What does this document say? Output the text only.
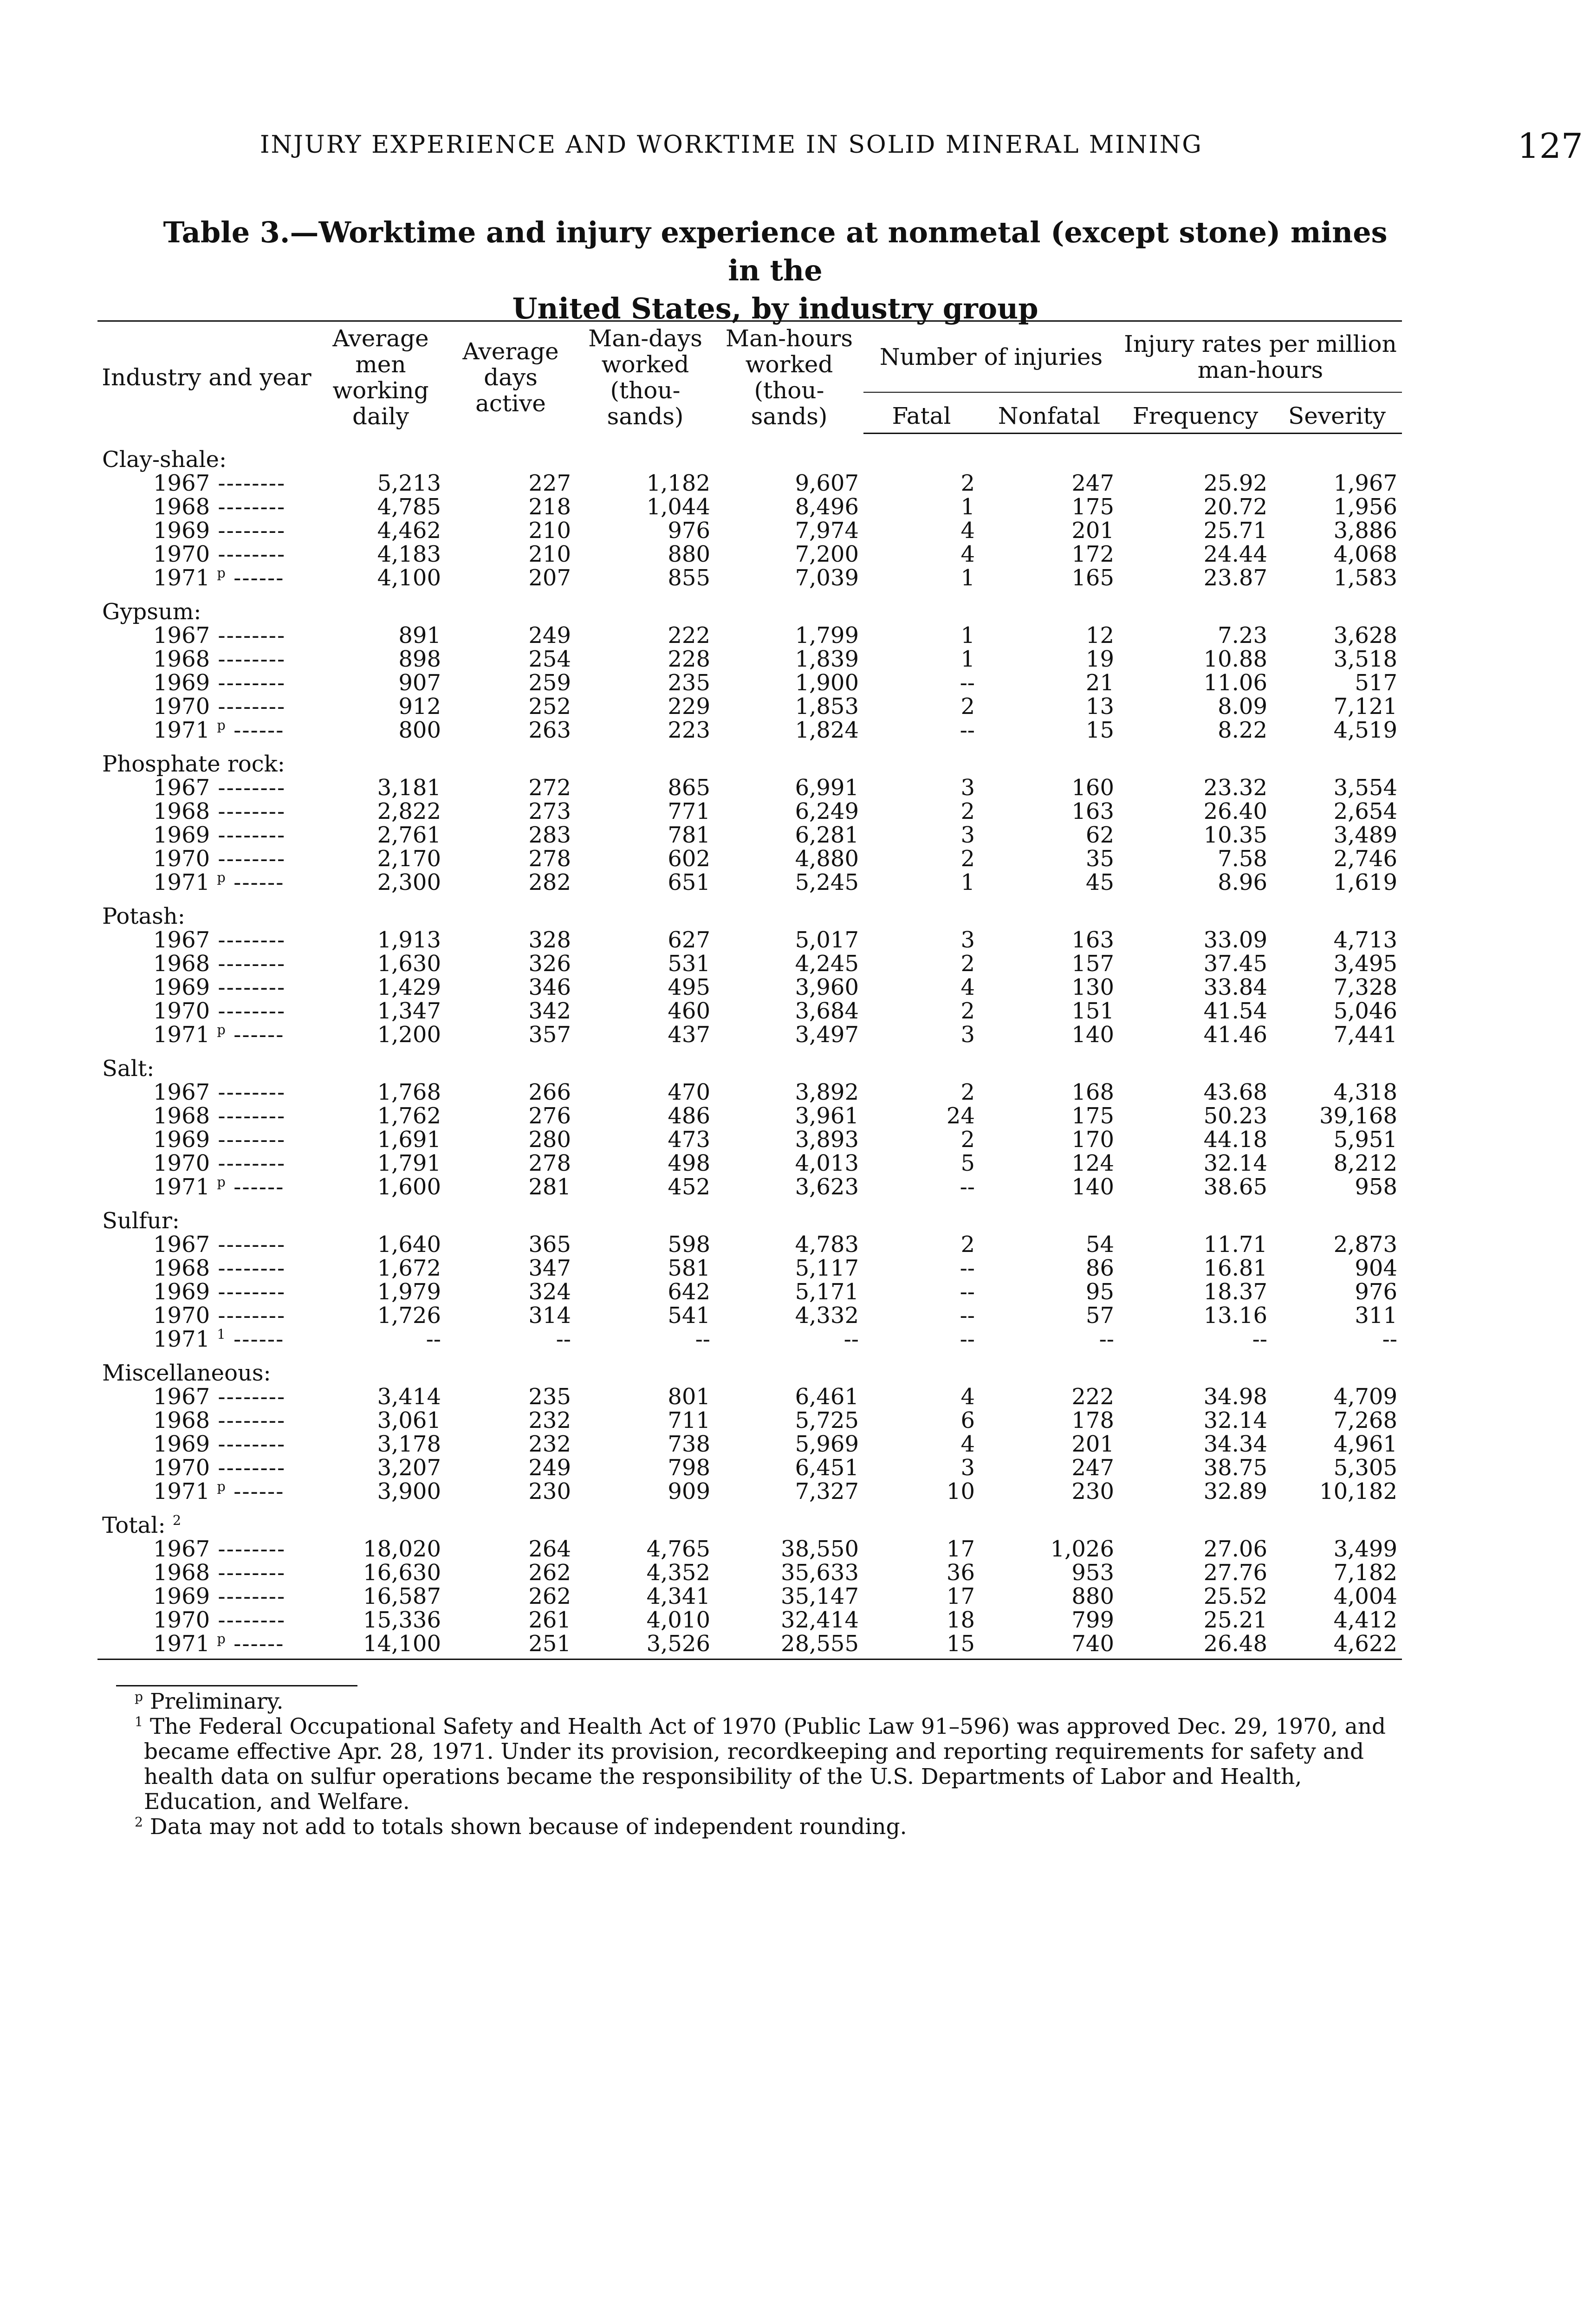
INJURY EXPERIENCE AND WORKTIME IN SOLID MINERAL MINING	127
Table 3.—Worktime and injury experience at nonmetal (except stone) mines in the
United States, by industry group
Industry and year	Average men working daily	Average days active	Man-days worked (thou- sands)	Man-hours worked (thou- sands)	Number of injuries		Injury rates per million man-hours	
					Fatal	Nonfatal	Frequency	Severity
Clay-shale:								
1967 --------	5,213	227	1,182	9,607	2	247	25.92	1,967
1968 --------	4,785	218	1,044	8,496	1	175	20.72	1,956
1969 --------	4,462	210	976	7,974	4	201	25.71	3,886
1970 --------	4,183	210	880	7,200	4	172	24.44	4,068
1971 $^p$ ------	4,100	207	855	7,039	1	165	23.87	1,583
Gypsum:								
1967 --------	891	249	222	1,799	1	12	7.23	3,628
1968 --------	898	254	228	1,839	1	19	10.88	3,518
1969 --------	907	259	235	1,900	--	21	11.06	517
1970 --------	912	252	229	1,853	2	13	8.09	7,121
1971 $^p$ ------	800	263	223	1,824	--	15	8.22	4,519
Phosphate rock:								
1967 --------	3,181	272	865	6,991	3	160	23.32	3,554
1968 --------	2,822	273	771	6,249	2	163	26.40	2,654
1969 --------	2,761	283	781	6,281	3	62	10.35	3,489
1970 --------	2,170	278	602	4,880	2	35	7.58	2,746
1971 $^p$ ------	2,300	282	651	5,245	1	45	8.96	1,619
Potash:								
1967 --------	1,913	328	627	5,017	3	163	33.09	4,713
1968 --------	1,630	326	531	4,245	2	157	37.45	3,495
1969 --------	1,429	346	495	3,960	4	130	33.84	7,328
1970 --------	1,347	342	460	3,684	2	151	41.54	5,046
1971 $^p$ ------	1,200	357	437	3,497	3	140	41.46	7,441
Salt:								
1967 --------	1,768	266	470	3,892	2	168	43.68	4,318
1968 --------	1,762	276	486	3,961	24	175	50.23	39,168
1969 --------	1,691	280	473	3,893	2	170	44.18	5,951
1970 --------	1,791	278	498	4,013	5	124	32.14	8,212
1971 $^p$ ------	1,600	281	452	3,623	--	140	38.65	958
Sulfur:								
1967 --------	1,640	365	598	4,783	2	54	11.71	2,873
1968 --------	1,672	347	581	5,117	--	86	16.81	904
1969 --------	1,979	324	642	5,171	--	95	18.37	976
1970 --------	1,726	314	541	4,332	--	57	13.16	311
1971 $^1$ ------	--	--	--	--	--	--	--	--
Miscellaneous:								
1967 --------	3,414	235	801	6,461	4	222	34.98	4,709
1968 --------	3,061	232	711	5,725	6	178	32.14	7,268
1969 --------	3,178	232	738	5,969	4	201	34.34	4,961
1970 --------	3,207	249	798	6,451	3	247	38.75	5,305
1971 $^p$ ------	3,900	230	909	7,327	10	230	32.89	10,182
Total: $^2$
1967 --------	18,020	264	4,765	38,550	17	1,026	27.06	3,499
1968 --------	16,630	262	4,352	35,633	36	953	27.76	7,182
1969 --------	16,587	262	4,341	35,147	17	880	25.52	4,004
1970 --------	15,336	261	4,010	32,414	18	799	25.21	4,412
1971 $^p$ ------	14,100	251	3,526	28,555	15	740	26.48	4,622

$^p$ Preliminary.

$^1$ The Federal Occupational Safety and Health Act of 1970 (Public Law 91–596) was approved Dec. 29, 1970, and became effective Apr. 28, 1971. Under its provision, recordkeeping and reporting requirements for safety and health data on sulfur operations became the responsibility of the U.S. Departments of Labor and Health, Education, and Welfare.

$^2$ Data may not add to totals shown because of independent rounding.
